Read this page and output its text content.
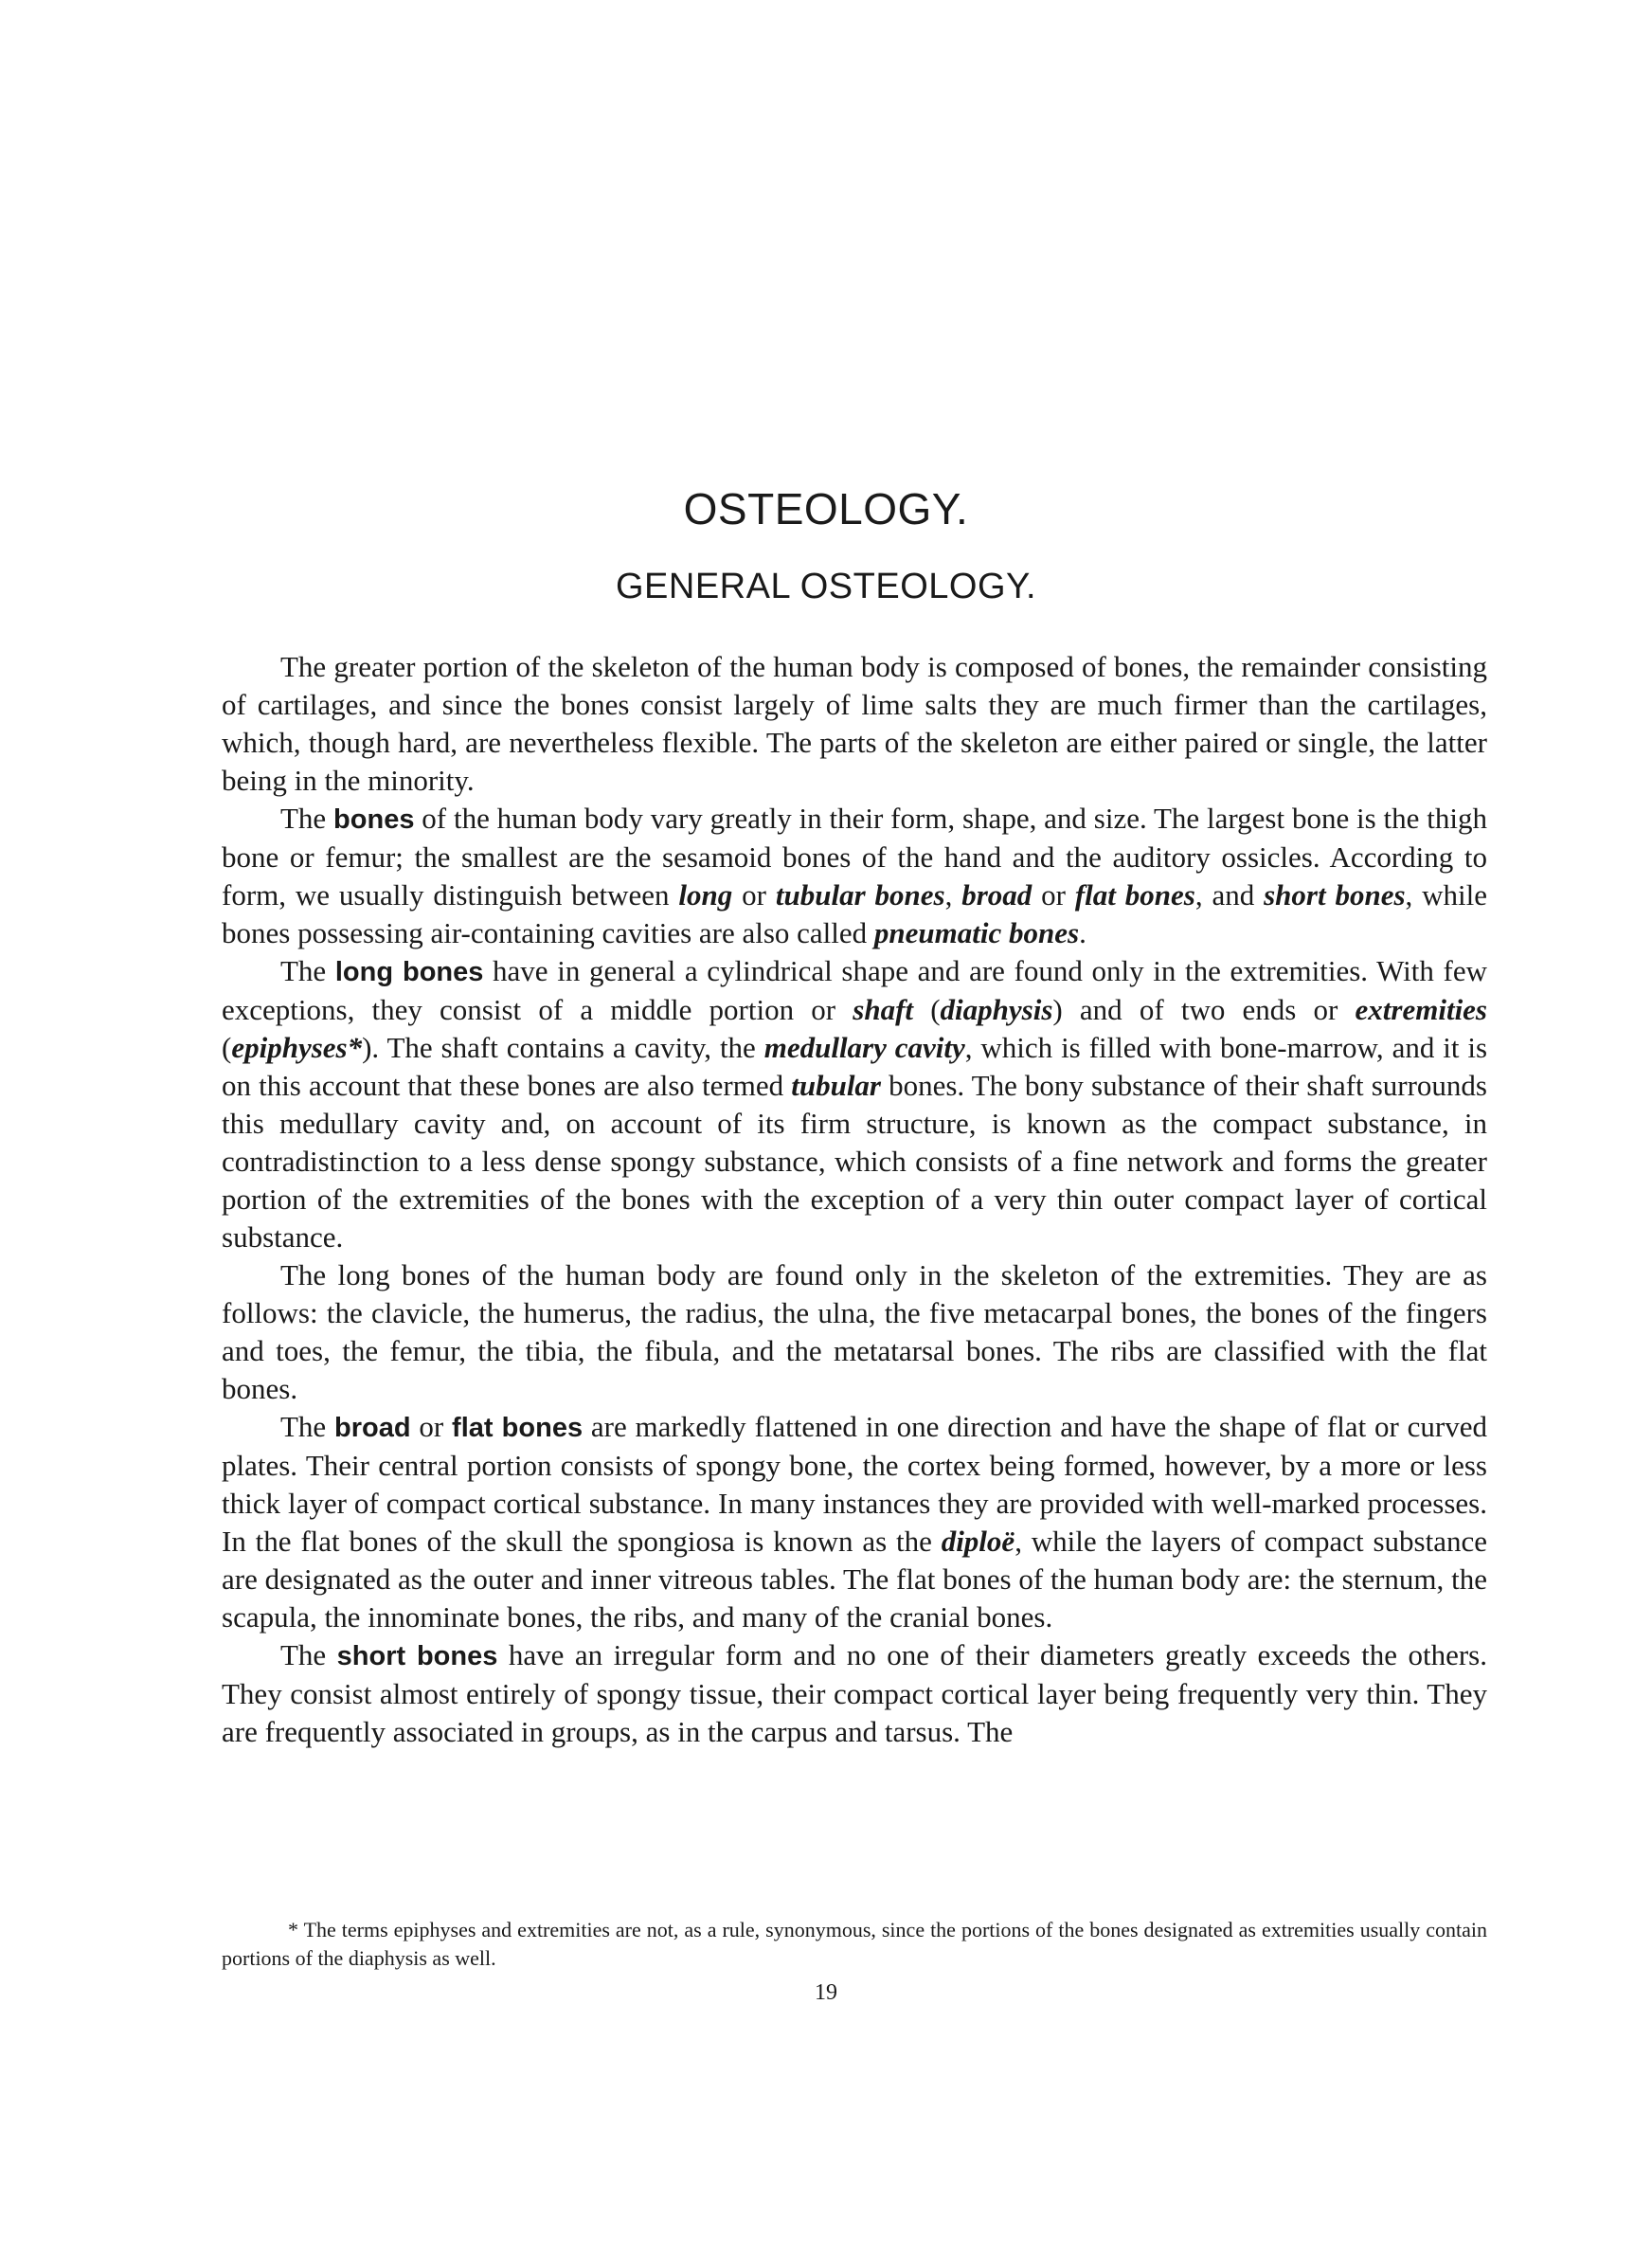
OSTEOLOGY.
GENERAL OSTEOLOGY.

The greater portion of the skeleton of the human body is composed of bones, the remainder consisting of cartilages, and since the bones consist largely of lime salts they are much firmer than the cartilages, which, though hard, are nevertheless flexible. The parts of the skeleton are either paired or single, the latter being in the minority.

The bones of the human body vary greatly in their form, shape, and size. The largest bone is the thigh bone or femur; the smallest are the sesamoid bones of the hand and the auditory ossicles. According to form, we usually distinguish between long or tubular bones, broad or flat bones, and short bones, while bones possessing air-containing cavities are also called pneumatic bones.

The long bones have in general a cylindrical shape and are found only in the extremities. With few exceptions, they consist of a middle portion or shaft (diaphysis) and of two ends or extremities (epiphyses*). The shaft contains a cavity, the medullary cavity, which is filled with bone-marrow, and it is on this account that these bones are also termed tubular bones. The bony substance of their shaft surrounds this medullary cavity and, on account of its firm structure, is known as the compact substance, in contradistinction to a less dense spongy substance, which consists of a fine network and forms the greater portion of the extremities of the bones with the exception of a very thin outer compact layer of cortical substance.

The long bones of the human body are found only in the skeleton of the extremities. They are as follows: the clavicle, the humerus, the radius, the ulna, the five metacarpal bones, the bones of the fingers and toes, the femur, the tibia, the fibula, and the metatarsal bones. The ribs are classified with the flat bones.

The broad or flat bones are markedly flattened in one direction and have the shape of flat or curved plates. Their central portion consists of spongy bone, the cortex being formed, however, by a more or less thick layer of compact cortical substance. In many instances they are provided with well-marked processes. In the flat bones of the skull the spongiosa is known as the diploë, while the layers of compact substance are designated as the outer and inner vitreous tables. The flat bones of the human body are: the sternum, the scapula, the innominate bones, the ribs, and many of the cranial bones.

The short bones have an irregular form and no one of their diameters greatly exceeds the others. They consist almost entirely of spongy tissue, their compact cortical layer being frequently very thin. They are frequently associated in groups, as in the carpus and tarsus. The

* The terms epiphyses and extremities are not, as a rule, synonymous, since the portions of the bones designated as extremities usually contain portions of the diaphysis as well.
19
